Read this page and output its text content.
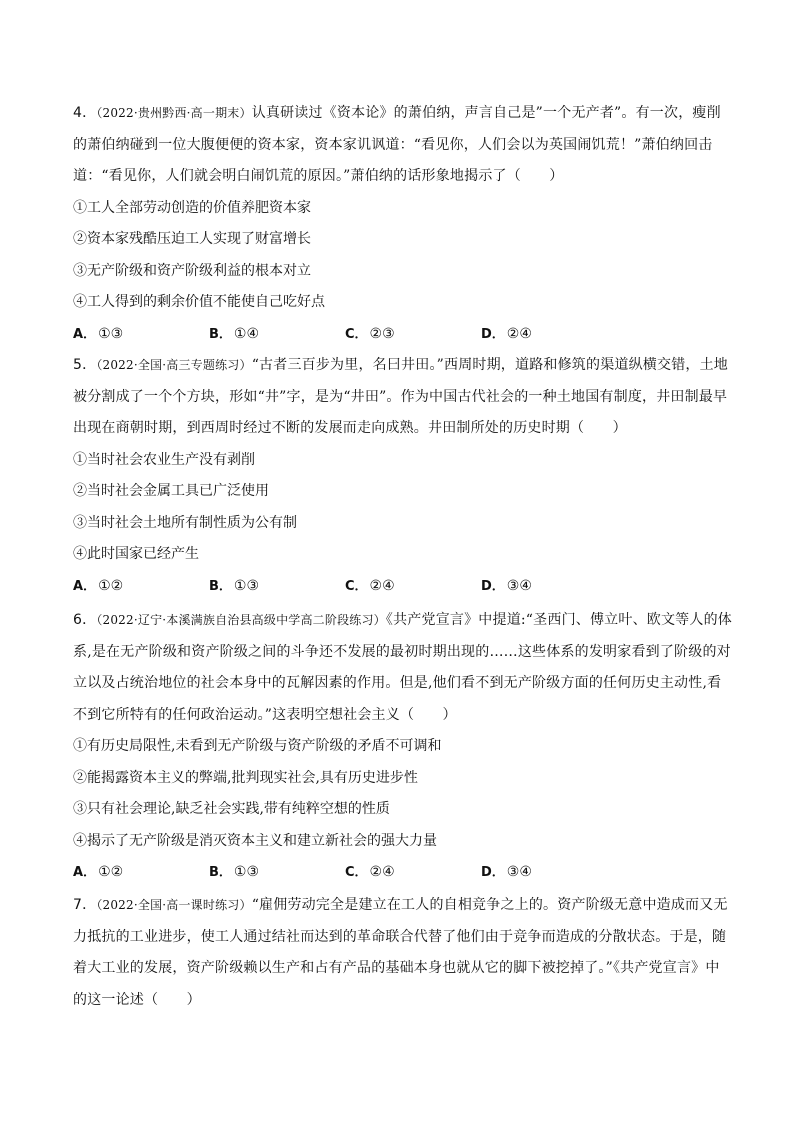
4．（2022·贵州黔西·高一期末）认真研读过《资本论》的萧伯纳，声言自己是”一个无产者”。有一次，瘦削的萧伯纳碰到一位大腹便便的资本家，资本家讥讽道：“看见你，人们会以为英国闹饥荒！”萧伯纳回击道：“看见你，人们就会明白闹饥荒的原因。”萧伯纳的话形象地揭示了（　　）

①工人全部劳动创造的价值养肥资本家

②资本家残酷压迫工人实现了财富增长

③无产阶级和资产阶级利益的根本对立

④工人得到的剩余价值不能使自己吃好点

A． ①③	B． ①④	C． ②③	D． ②④

5．（2022·全国·高三专题练习）“古者三百步为里，名曰井田。”西周时期，道路和修筑的渠道纵横交错，土地被分割成了一个个方块，形如“井”字，是为“井田”。作为中国古代社会的一种土地国有制度，井田制最早出现在商朝时期，到西周时经过不断的发展而走向成熟。井田制所处的历史时期（　　）

①当时社会农业生产没有剥削

②当时社会金属工具已广泛使用

③当时社会土地所有制性质为公有制

④此时国家已经产生

A． ①②	B． ①③	C． ②④	D． ③④

6．（2022·辽宁·本溪满族自治县高级中学高二阶段练习）《共产党宣言》中提道:“圣西门、傅立叶、欧文等人的体系,是在无产阶级和资产阶级之间的斗争还不发展的最初时期出现的……这些体系的发明家看到了阶级的对立以及占统治地位的社会本身中的瓦解因素的作用。但是,他们看不到无产阶级方面的任何历史主动性,看不到它所特有的任何政治运动。”这表明空想社会主义（　　）

①有历史局限性,未看到无产阶级与资产阶级的矛盾不可调和

②能揭露资本主义的弊端,批判现实社会,具有历史进步性

③只有社会理论,缺乏社会实践,带有纯粹空想的性质

④揭示了无产阶级是消灭资本主义和建立新社会的强大力量

A． ①②	B． ①③	C． ②④	D． ③④

7．（2022·全国·高一课时练习）“雇佣劳动完全是建立在工人的自相竞争之上的。资产阶级无意中造成而又无力抵抗的工业进步，使工人通过结社而达到的革命联合代替了他们由于竞争而造成的分散状态。于是，随着大工业的发展，资产阶级赖以生产和占有产品的基础本身也就从它的脚下被挖掉了。”《共产党宣言》中的这一论述（　　）
